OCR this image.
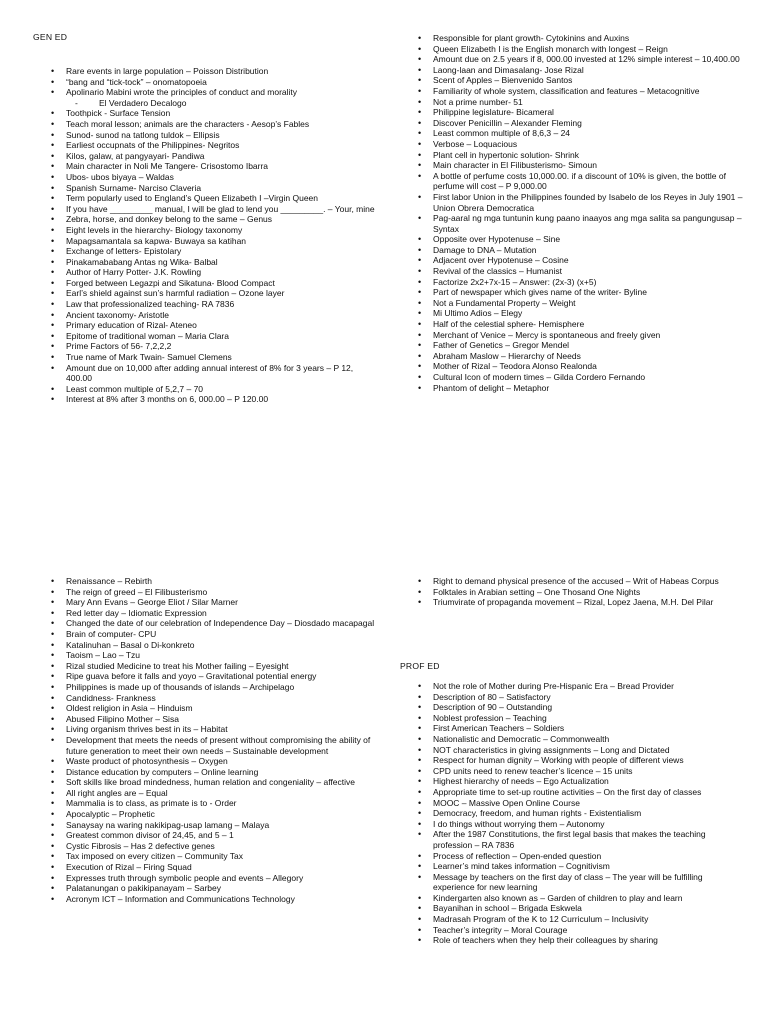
GEN ED
• Rare events in large population – Poisson Distribution
• “bang and “tick-tock” – onomatopoeia
• Apolinario Mabini wrote the principles of conduct and morality
- El Verdadero Decalogo
• Toothpick - Surface Tension
• Teach moral lesson; animals are the characters - Aesop’s Fables
• Sunod- sunod na tatlong tuldok – Ellipsis
• Earliest occupnats of the Philippines- Negritos
• Kilos, galaw, at pangyayari- Pandiwa
• Main character in Noli Me Tangere- Crisostomo Ibarra
• Ubos- ubos biyaya – Waldas
• Spanish Surname- Narciso Claveria
• Term popularly used to England’s Queen Elizabeth I –Virgin Queen
• If you have _________ manual, I will be glad to lend you _________. – Your, mine
• Zebra, horse, and donkey belong to the same – Genus
• Eight levels in the hierarchy- Biology taxonomy
• Mapagsamantala sa kapwa- Buwaya sa katihan
• Exchange of letters- Epistolary
• Pinakamababang Antas ng Wika- Balbal
• Author of Harry Potter- J.K. Rowling
• Forged between Legazpi and Sikatuna- Blood Compact
• Earl’s shield against sun’s harmful radiation – Ozone layer
• Law that professionalized teaching- RA 7836
• Ancient taxonomy- Aristotle
• Primary education of Rizal- Ateneo
• Epitome of traditional woman – Maria Clara
• Prime Factors of 56- 7,2,2,2
• True name of Mark Twain- Samuel Clemens
• Amount due on 10,000 after adding annual interest of 8% for 3 years – P 12, 400.00
• Least common multiple of 5,2,7 – 70
• Interest at 8% after 3 months on 6, 000.00 – P 120.00
• Responsible for plant growth- Cytokinins and Auxins
• Queen Elizabeth I is the English monarch with longest – Reign
• Amount due on 2.5 years if 8, 000.00 invested at 12% simple interest – 10,400.00
• Laong-laan and Dimasalang- Jose Rizal
• Scent of Apples – Bienvenido Santos
• Familiarity of whole system, classification and features – Metacognitive
• Not a prime number- 51
• Philippine legislature- Bicameral
• Discover Penicillin – Alexander Fleming
• Least common multiple of 8,6,3 – 24
• Verbose – Loquacious
• Plant cell in hypertonic solution- Shrink
• Main character in El Filibusterismo- Simoun
• A bottle of perfume costs 10,000.00. if a discount of 10% is given, the bottle of perfume will cost – P 9,000.00
• First labor Union in the Philippines founded by Isabelo de los Reyes in July 1901 – Union Obrera Democratica
• Pag-aaral ng mga tuntunin kung paano inaayos ang mga salita sa pangungusap – Syntax
• Opposite over Hypotenuse – Sine
• Damage to DNA – Mutation
• Adjacent over Hypotenuse – Cosine
• Revival of the classics – Humanist
• Factorize 2x2+7x-15 – Answer: (2x-3) (x+5)
• Part of newspaper which gives name of the writer- Byline
• Not a Fundamental Property – Weight
• Mi Ultimo Adios – Elegy
• Half of the celestial sphere- Hemisphere
• Merchant of Venice – Mercy is spontaneous and freely given
• Father of Genetics – Gregor Mendel
• Abraham Maslow – Hierarchy of Needs
• Mother of Rizal – Teodora Alonso Realonda
• Cultural Icon of modern times – Gilda Cordero Fernando
• Phantom of delight – Metaphor
• Renaissance – Rebirth
• The reign of greed – El Filibusterismo
• Mary Ann Evans – George Eliot / Silar Marner
• Red letter day – Idiomatic Expression
• Changed the date of our celebration of Independence Day – Diosdado macapagal
• Brain of computer- CPU
• Katalinuhan – Basal o Di-konkreto
• Taoism – Lao – Tzu
• Rizal studied Medicine to treat his Mother failing – Eyesight
• Ripe guava before it falls and yoyo – Gravitational potential energy
• Philippines is made up of thousands of islands – Archipelago
• Candidness- Frankness
• Oldest religion in Asia – Hinduism
• Abused Filipino Mother – Sisa
• Living organism thrives best in its – Habitat
• Development that meets the needs of present without compromising the ability of future generation to meet their own needs – Sustainable development
• Waste product of photosynthesis – Oxygen
• Distance education by computers – Online learning
• Soft skills like broad mindedness, human relation and congeniality – affective
• All right angles are – Equal
• Mammalia is to class, as primate is to - Order
• Apocalyptic – Prophetic
• Sanaysay na waring nakikipag-usap lamang – Malaya
• Greatest common divisor of 24,45, and 5 – 1
• Cystic Fibrosis – Has 2 defective genes
• Tax imposed on every citizen – Community Tax
• Execution of Rizal – Firing Squad
• Expresses truth through symbolic people and events – Allegory
• Palatanungan o pakikipanayam – Sarbey
• Acronym ICT – Information and Communications Technology
• Right to demand physical presence of the accused – Writ of Habeas Corpus
• Folktales in Arabian setting – One Thosand One Nights
• Triumvirate of propaganda movement – Rizal, Lopez Jaena, M.H. Del Pilar
PROF ED
• Not the role of Mother during Pre-Hispanic Era – Bread Provider
• Description of 80 – Satisfactory
• Description of 90 – Outstanding
• Noblest profession – Teaching
• First American Teachers – Soldiers
• Nationalistic and Democratic – Commonwealth
• NOT characteristics in giving assignments – Long and Dictated
• Respect for human dignity – Working with people of different views
• CPD units need to renew teacher’s licence – 15 units
• Highest hierarchy of needs – Ego Actualization
• Appropriate time to set-up routine activities – On the first day of classes
• MOOC – Massive Open Online Course
• Democracy, freedom, and human rights - Existentialism
• I do things without worrying them – Autonomy
• After the 1987 Constitutions, the first legal basis that makes the teaching profession – RA 7836
• Process of reflection – Open-ended question
• Learner’s mind takes information – Cognitivism
• Message by teachers on the first day of class – The year will be fulfilling experience for new learning
• Kindergarten also known as – Garden of children to play and learn
• Bayanihan in school – Brigada Eskwela
• Madrasah Program of the K to 12 Curriculum – Inclusivity
• Teacher’s integrity – Moral Courage
• Role of teachers when they help their colleagues by sharing
